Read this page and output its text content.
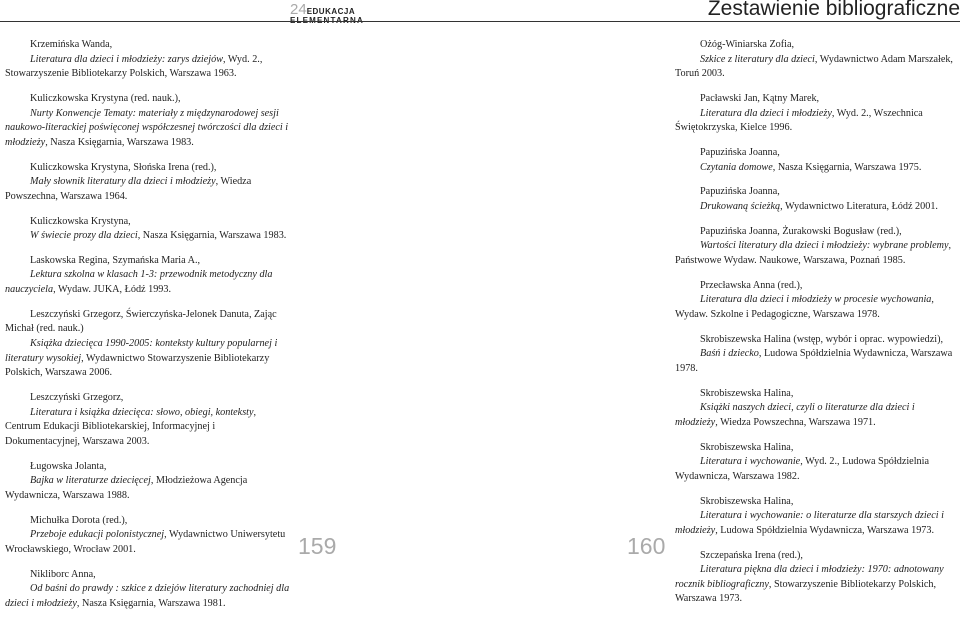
24EDUKACJA

Krzemińska Wanda,

Literatura dla dzieci i młodzieży: zarys dziejów, Wyd. 2., Stowarzyszenie Bibliotekarzy Polskich, Warszawa 1963.

Kuliczkowska Krystyna (red. nauk.),

Nurty Konwencje Tematy: materiały z międzynarodowej sesji naukowo-literackiej poświęconej współczesnej twórczości dla dzieci i młodzieży, Nasza Księgarnia, Warszawa 1983.

Kuliczkowska Krystyna, Słońska Irena (red.),

Mały słownik literatury dla dzieci i młodzieży, Wiedza Powszechna, Warszawa 1964.

Kuliczkowska Krystyna,

W świecie prozy dla dzieci, Nasza Księgarnia, Warszawa 1983.

Laskowska Regina, Szymańska Maria A.,

Lektura szkolna w klasach 1-3: przewodnik metodyczny dla nauczyciela, Wydaw. JUKA, Łódź 1993.

Leszczyński Grzegorz, Świerczyńska-Jelonek Danuta, Zając Michał (red. nauk.)

Książka dziecięca 1990-2005: konteksty kultury popularnej i literatury wysokiej, Wydawnictwo Stowarzyszenie Bibliotekarzy Polskich, Warszawa 2006.

Leszczyński Grzegorz,

Literatura i książka dziecięca: słowo, obiegi, konteksty, Centrum Edukacji Bibliotekarskiej, Informacyjnej i Dokumentacyjnej, Warszawa 2003.

Ługowska Jolanta,

Bajka w literaturze dziecięcej, Młodzieżowa Agencja Wydawnicza, Warszawa 1988.

Michułka Dorota (red.),

Przeboje edukacji polonistycznej, Wydawnictwo Uniwersytetu Wrocławskiego, Wrocław 2001.

Nikliborc Anna,

Od baśni do prawdy : szkice z dziejów literatury zachodniej dla dzieci i młodzieży, Nasza Księgarnia, Warszawa 1981.

159
Zestawienie bibliograficzne

Ożóg-Winiarska Zofia,

Szkice z literatury dla dzieci, Wydawnictwo Adam Marszałek, Toruń 2003.

Pacławski Jan, Kątny Marek,

Literatura dla dzieci i młodzieży, Wyd. 2., Wszechnica Świętokrzyska, Kielce 1996.

Papuzińska Joanna,

Czytania domowe, Nasza Księgarnia, Warszawa 1975.

Papuzińska Joanna,

Drukowaną ścieżką, Wydawnictwo Literatura, Łódź 2001.

Papuzińska Joanna, Żurakowski Bogusław (red.),

Wartości literatury dla dzieci i młodzieży: wybrane problemy, Państwowe Wydaw. Naukowe, Warszawa, Poznań 1985.

Przecławska Anna (red.),

Literatura dla dzieci i młodzieży w procesie wychowania, Wydaw. Szkolne i Pedagogiczne, Warszawa 1978.

Skrobiszewska Halina (wstęp, wybór i oprac. wypowiedzi),

Baśń i dziecko, Ludowa Spółdzielnia Wydawnicza, Warszawa 1978.

Skrobiszewska Halina,

Książki naszych dzieci, czyli o literaturze dla dzieci i młodzieży, Wiedza Powszechna, Warszawa 1971.

Skrobiszewska Halina,

Literatura i wychowanie, Wyd. 2., Ludowa Spółdzielnia Wydawnicza, Warszawa 1982.

Skrobiszewska Halina,

Literatura i wychowanie: o literaturze dla starszych dzieci i młodzieży, Ludowa Spółdzielnia Wydawnicza, Warszawa 1973.

Szczepańska Irena (red.),

Literatura piękna dla dzieci i młodzieży: 1970: adnotowany rocznik bibliograficzny, Stowarzyszenie Bibliotekarzy Polskich, Warszawa 1973.

160
